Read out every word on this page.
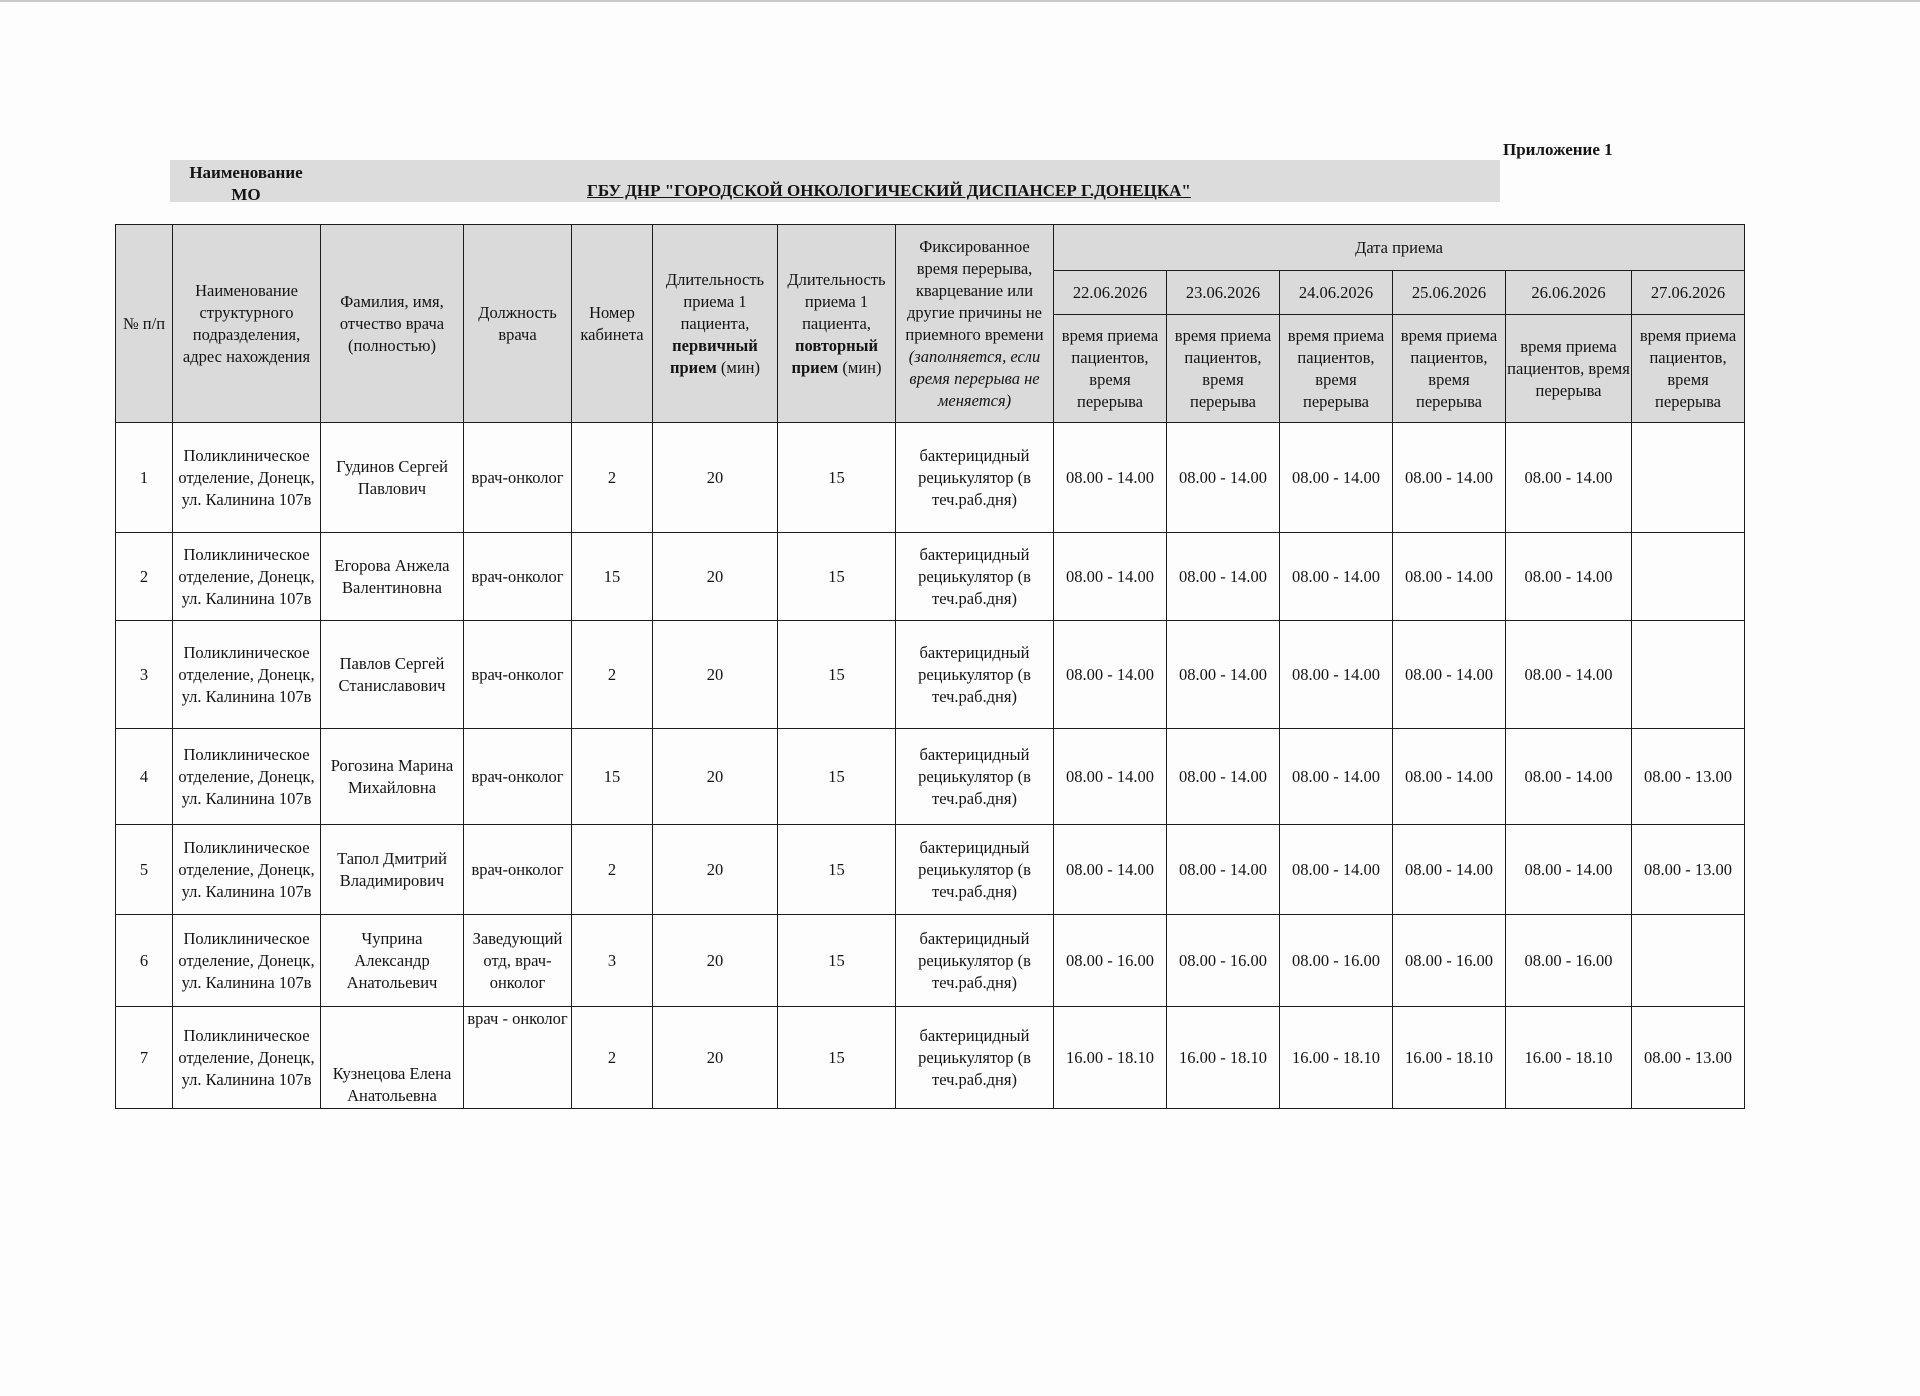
Приложение 1
Наименование МО	ГБУ ДНР "ГОРОДСКОЙ ОНКОЛОГИЧЕСКИЙ ДИСПАНСЕР Г.ДОНЕЦКА"
№ п/п	Наименование структурного подразделения, адрес нахождения	Фамилия, имя, отчество врача (полностью)	Должность врача	Номер кабинета	Длительность приема 1 пациента, первичный прием (мин)	Длительность приема 1 пациента, повторный прием (мин)	Фиксированное время перерыва, кварцевание или другие причины не приемного времени (заполняется, если время перерыва не меняется)	Дата приема					
								22.06.2026	23.06.2026	24.06.2026	25.06.2026	26.06.2026	27.06.2026
								время приема пациентов, время перерыва	время приема пациентов, время перерыва	время приема пациентов, время перерыва	время приема пациентов, время перерыва	время приема пациентов, время перерыва	время приема пациентов, время перерыва
1	Поликлиническое отделение, Донецк, ул. Калинина 107в	Гудинов Сергей Павлович	врач-онколог	2	20	15	бактерицидный рециькулятор (в теч.раб.дня)	08.00 - 14.00	08.00 - 14.00	08.00 - 14.00	08.00 - 14.00	08.00 - 14.00	
2	Поликлиническое отделение, Донецк, ул. Калинина 107в	Егорова Анжела Валентиновна	врач-онколог	15	20	15	бактерицидный рециькулятор (в теч.раб.дня)	08.00 - 14.00	08.00 - 14.00	08.00 - 14.00	08.00 - 14.00	08.00 - 14.00	
3	Поликлиническое отделение, Донецк, ул. Калинина 107в	Павлов Сергей Станиславович	врач-онколог	2	20	15	бактерицидный рециькулятор (в теч.раб.дня)	08.00 - 14.00	08.00 - 14.00	08.00 - 14.00	08.00 - 14.00	08.00 - 14.00	
4	Поликлиническое отделение, Донецк, ул. Калинина 107в	Рогозина Марина Михайловна	врач-онколог	15	20	15	бактерицидный рециькулятор (в теч.раб.дня)	08.00 - 14.00	08.00 - 14.00	08.00 - 14.00	08.00 - 14.00	08.00 - 14.00	08.00 - 13.00
5	Поликлиническое отделение, Донецк, ул. Калинина 107в	Тапол Дмитрий Владимирович	врач-онколог	2	20	15	бактерицидный рециькулятор (в теч.раб.дня)	08.00 - 14.00	08.00 - 14.00	08.00 - 14.00	08.00 - 14.00	08.00 - 14.00	08.00 - 13.00
6	Поликлиническое отделение, Донецк, ул. Калинина 107в	Чуприна Александр Анатольевич	Заведующий отд, врач-онколог	3	20	15	бактерицидный рециькулятор (в теч.раб.дня)	08.00 - 16.00	08.00 - 16.00	08.00 - 16.00	08.00 - 16.00	08.00 - 16.00	
7	Поликлиническое отделение, Донецк, ул. Калинина 107в	Кузнецова Елена Анатольевна	врач - онколог	2	20	15	бактерицидный рециькулятор (в теч.раб.дня)	16.00 - 18.10	16.00 - 18.10	16.00 - 18.10	16.00 - 18.10	16.00 - 18.10	08.00 - 13.00
